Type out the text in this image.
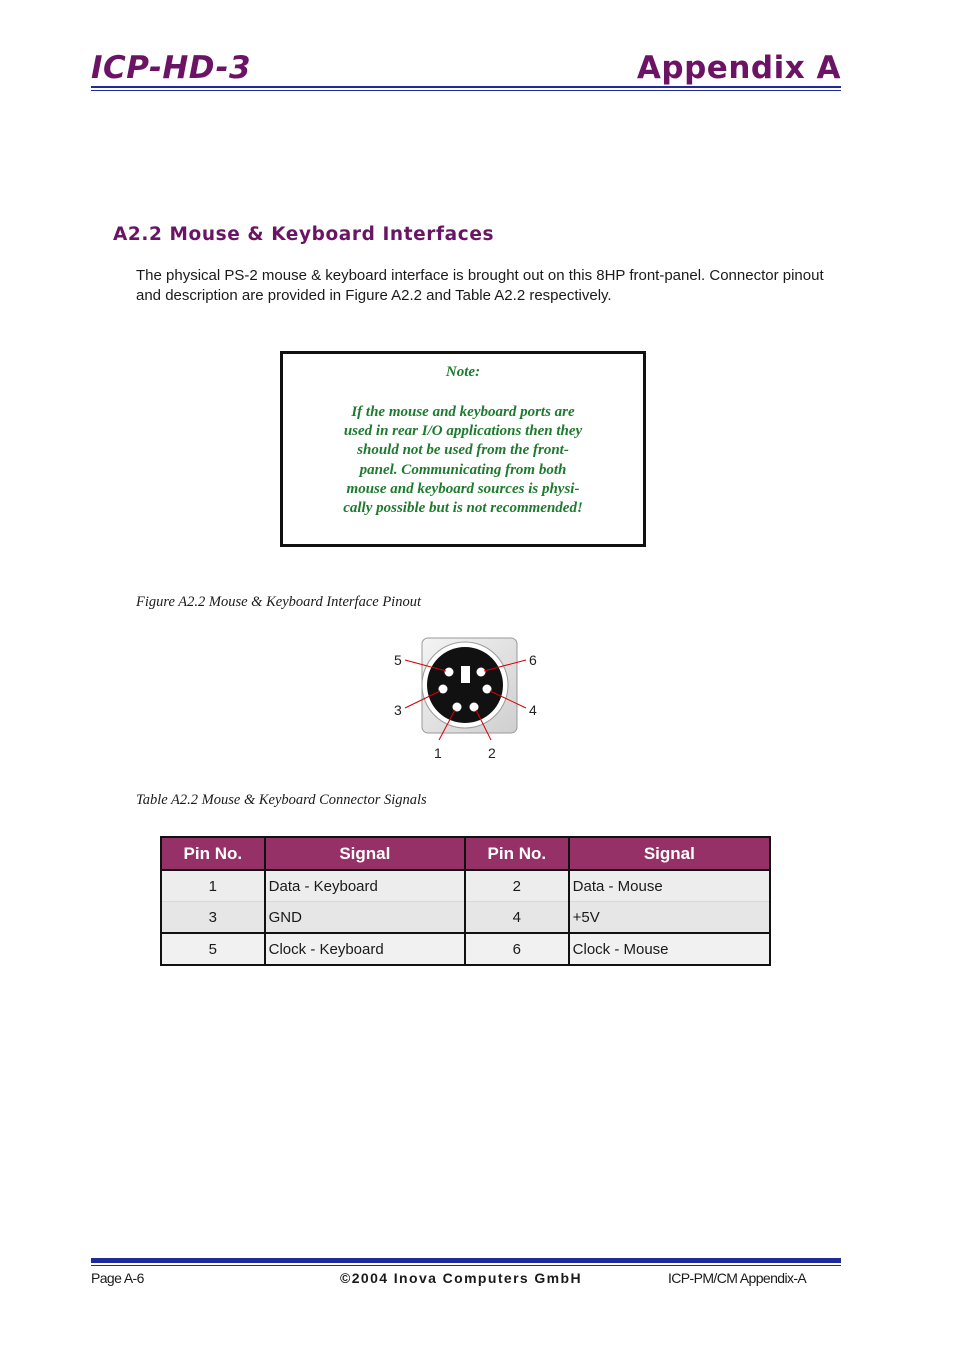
ICP-HD-3	Appendix A
A2.2 Mouse & Keyboard Interfaces
The physical PS-2 mouse & keyboard interface is brought out on this 8HP front-panel. Connector pinout and description are provided in Figure A2.2 and Table A2.2 respectively.
Note:
If the mouse and keyboard ports are
used in rear I/O applications then they
should not be used from the front-
panel. Communicating from both
mouse and keyboard sources is physi-
cally possible but is not recommended!
Figure A2.2 Mouse & Keyboard Interface Pinout
5	6
3	4
1	2
Table A2.2 Mouse & Keyboard Connector Signals
Pin No.	Signal	Pin No.	Signal
1	Data - Keyboard	2	Data - Mouse
3	GND	4	+5V
5	Clock - Keyboard	6	Clock - Mouse
Page A-6	©2004 Inova Computers GmbH	ICP-PM/CM Appendix-A
